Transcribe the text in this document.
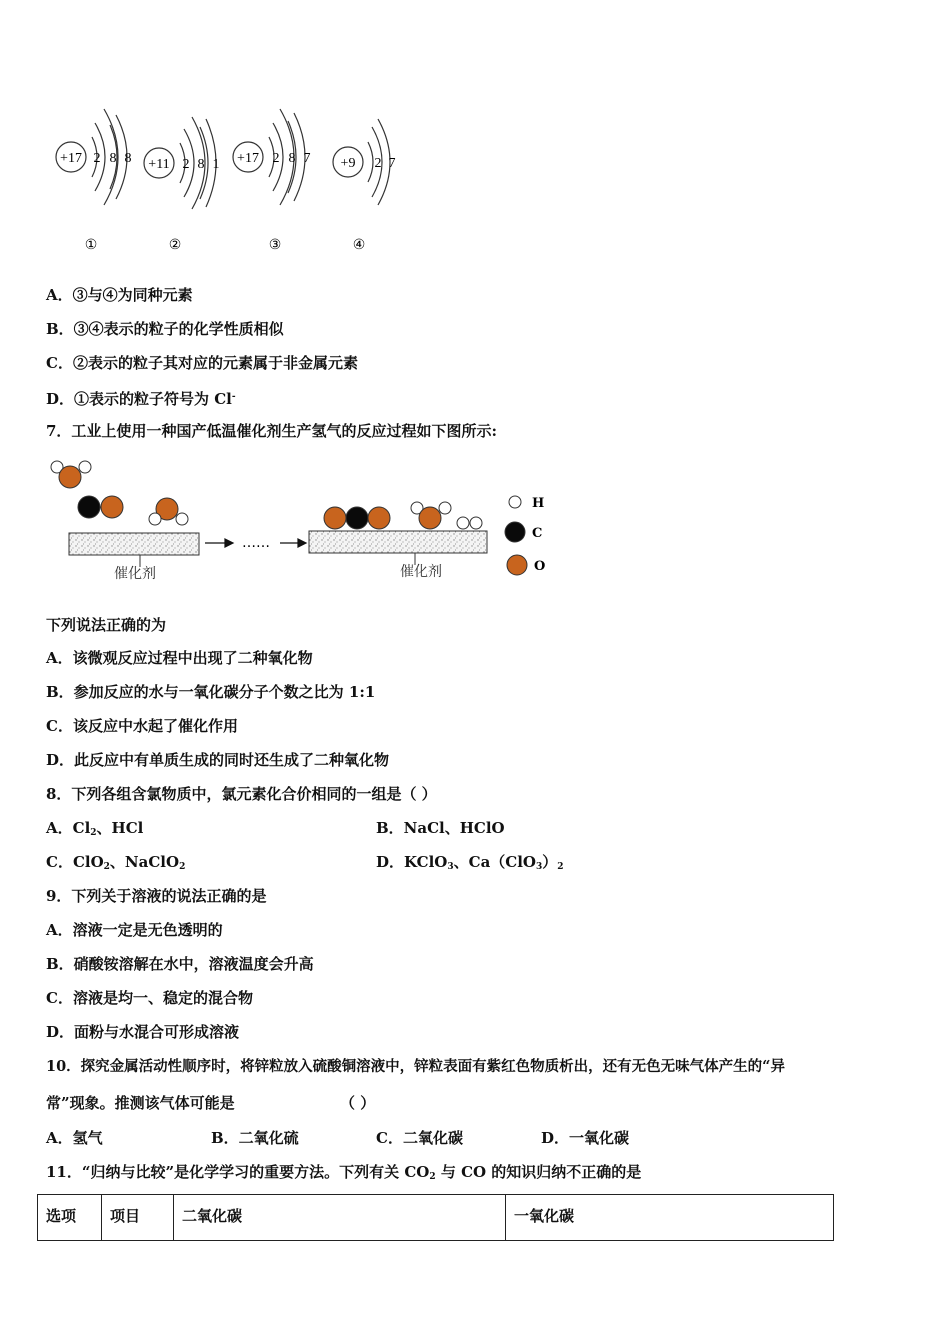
+17 2 8 8
①
+11 2 8 1
②
+17 2 8 7
③
+9 2 7
④
A．③与④为同种元素
B．③④表示的粒子的化学性质相似
C．②表示的粒子其对应的元素属于非金属元素
D．①表示的粒子符号为 Cl-
7．工业上使用一种国产低温催化剂生产氢气的反应过程如下图所示:
催化剂
……
催化剂
H
C
O
下列说法正确的为
A．该微观反应过程中出现了二种氧化物
B．参加反应的水与一氧化碳分子个数之比为 1:1
C．该反应中水起了催化作用
D．此反应中有单质生成的同时还生成了二种氧化物
8．下列各组含氯物质中，氯元素化合价相同的一组是（ ）
A．$Cl_2$、HCl	B．NaCl、HClO
C．ClO$_2$、NaClO$_2$	D．KClO$_3$、$Ca(ClO_3)_2$
9．下列关于溶液的说法正确的是
A．溶液一定是无色透明的
B．硝酸铵溶解在水中，溶液温度会升高
C．溶液是均一、稳定的混合物
D．面粉与水混合可形成溶液
10．探究金属活动性顺序时，将锌粒放入硫酸铜溶液中，锌粒表面有紫红色物质析出，还有无色无味气体产生的“异
常”现象。推测该气体可能是	（ ）
A．氢气	B．二氧化硫	C．二氧化碳	D．一氧化碳
11．“归纳与比较”是化学学习的重要方法。下列有关 $CO_2$ 与 CO 的知识归纳不正确的是
选项	项目	二氧化碳	一氧化碳
